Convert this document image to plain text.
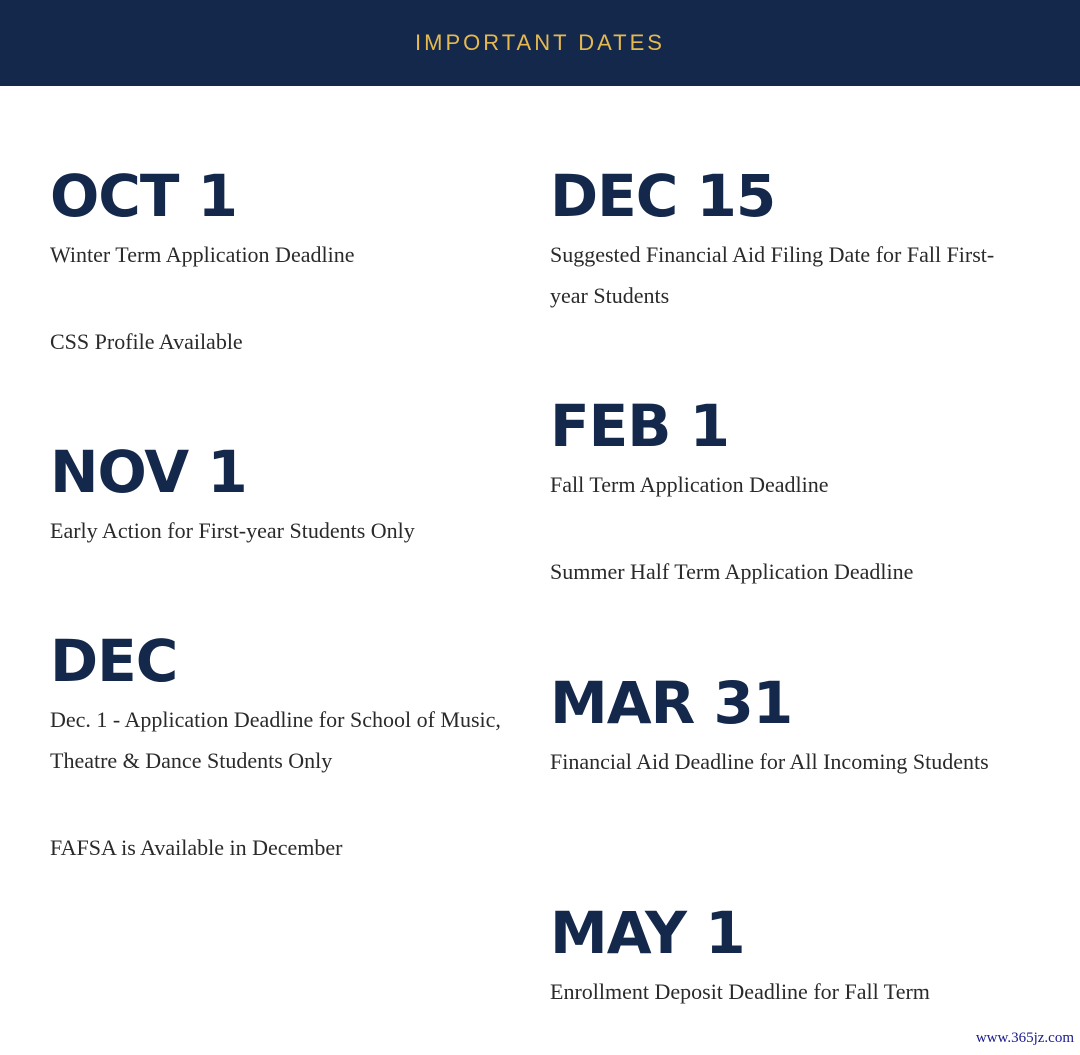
IMPORTANT DATES
OCT 1

Winter Term Application Deadline

CSS Profile Available

NOV 1

Early Action for First-year Students Only

DEC

Dec. 1 - Application Deadline for School of Music, Theatre & Dance Students Only

FAFSA is Available in December

DEC 15

Suggested Financial Aid Filing Date for Fall First-year Students

FEB 1

Fall Term Application Deadline

Summer Half Term Application Deadline

MAR 31

Financial Aid Deadline for All Incoming Students

MAY 1

Enrollment Deposit Deadline for Fall Term

www.365jz.com
